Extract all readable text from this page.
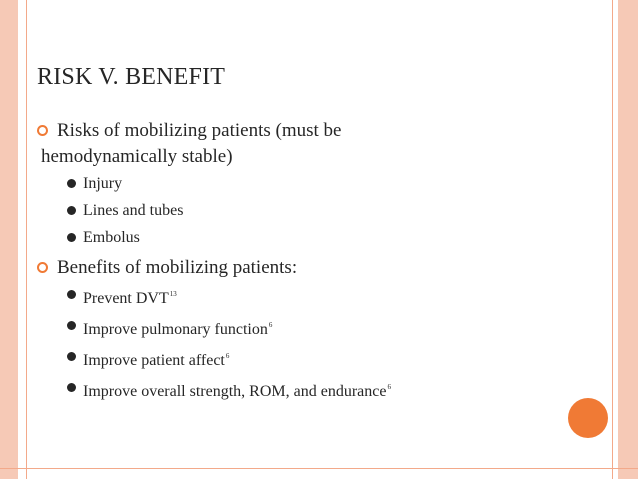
RISK V. BENEFIT
Risks of mobilizing patients (must be
hemodynamically stable)
Injury
Lines and tubes
Embolus
Benefits of mobilizing patients:
Prevent DVT$^{13}$
Improve pulmonary function$^6$
Improve patient affect$^6$
Improve overall strength, ROM, and endurance$^6$
